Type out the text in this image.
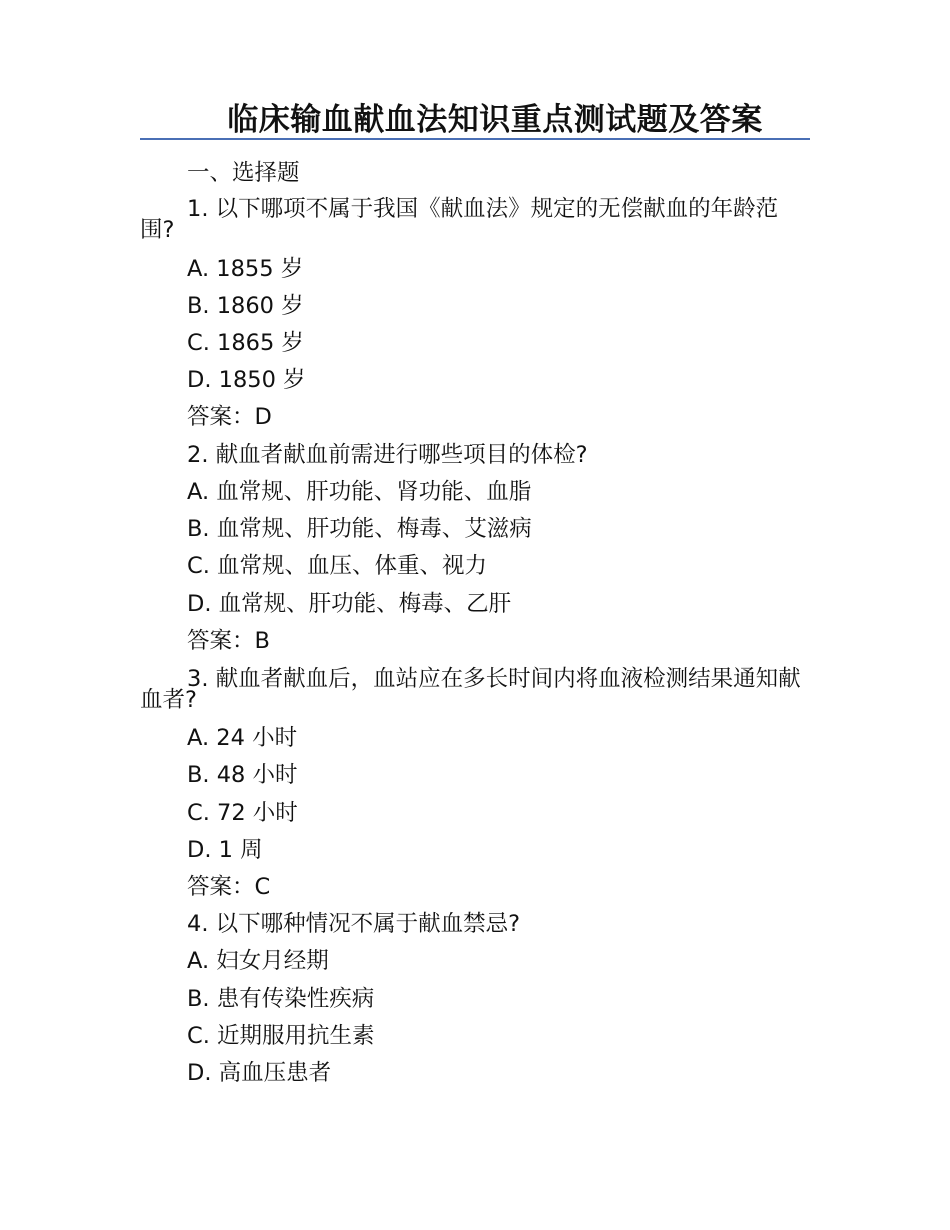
临床输血献血法知识重点测试题及答案
一、选择题
1. 以下哪项不属于我国《献血法》规定的无偿献血的年龄范围?
A. 1855 岁
B. 1860 岁
C. 1865 岁
D. 1850 岁
答案：D
2. 献血者献血前需进行哪些项目的体检?
A. 血常规、肝功能、肾功能、血脂
B. 血常规、肝功能、梅毒、艾滋病
C. 血常规、血压、体重、视力
D. 血常规、肝功能、梅毒、乙肝
答案：B
3. 献血者献血后，血站应在多长时间内将血液检测结果通知献血者?
A. 24 小时
B. 48 小时
C. 72 小时
D. 1 周
答案：C
4. 以下哪种情况不属于献血禁忌?
A. 妇女月经期
B. 患有传染性疾病
C. 近期服用抗生素
D. 高血压患者
